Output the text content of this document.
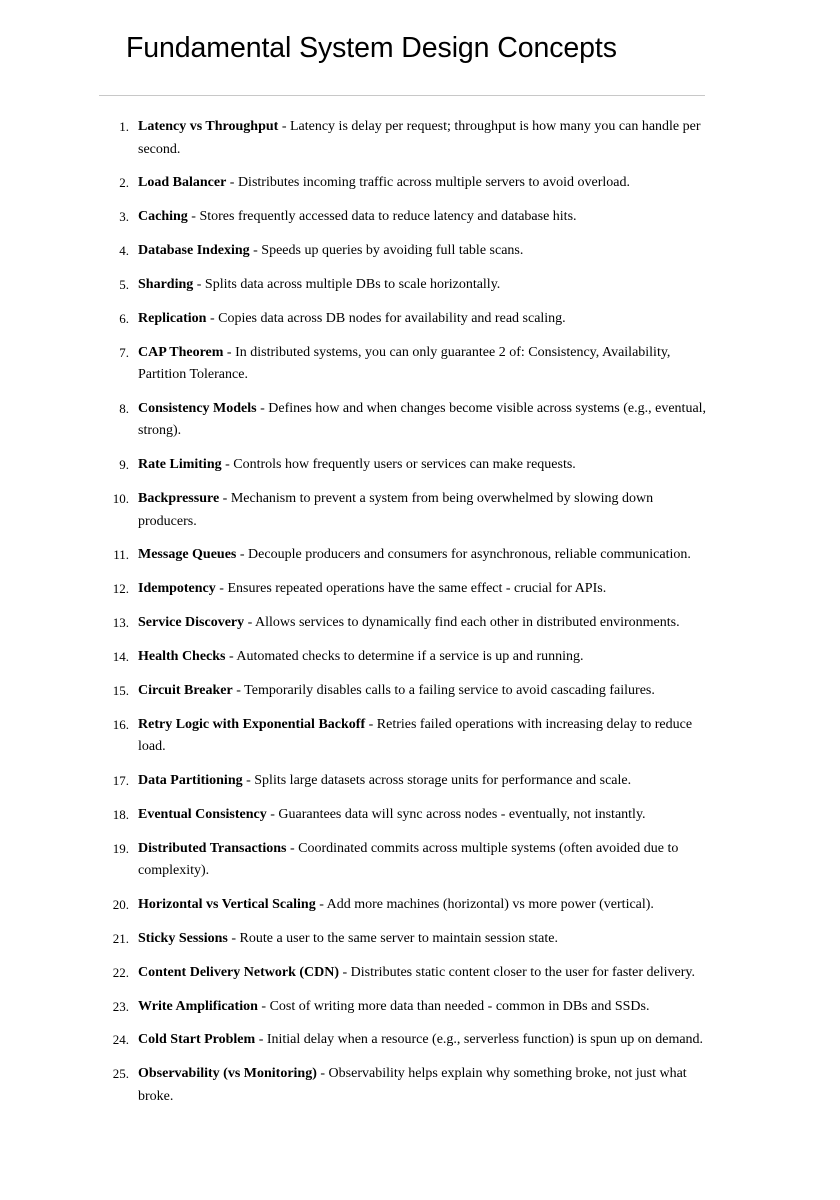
Fundamental System Design Concepts
1. Latency vs Throughput - Latency is delay per request; throughput is how many you can handle per second.
2. Load Balancer - Distributes incoming traffic across multiple servers to avoid overload.
3. Caching - Stores frequently accessed data to reduce latency and database hits.
4. Database Indexing - Speeds up queries by avoiding full table scans.
5. Sharding - Splits data across multiple DBs to scale horizontally.
6. Replication - Copies data across DB nodes for availability and read scaling.
7. CAP Theorem - In distributed systems, you can only guarantee 2 of: Consistency, Availability, Partition Tolerance.
8. Consistency Models - Defines how and when changes become visible across systems (e.g., eventual, strong).
9. Rate Limiting - Controls how frequently users or services can make requests.
10. Backpressure - Mechanism to prevent a system from being overwhelmed by slowing down producers.
11. Message Queues - Decouple producers and consumers for asynchronous, reliable communication.
12. Idempotency - Ensures repeated operations have the same effect - crucial for APIs.
13. Service Discovery - Allows services to dynamically find each other in distributed environments.
14. Health Checks - Automated checks to determine if a service is up and running.
15. Circuit Breaker - Temporarily disables calls to a failing service to avoid cascading failures.
16. Retry Logic with Exponential Backoff - Retries failed operations with increasing delay to reduce load.
17. Data Partitioning - Splits large datasets across storage units for performance and scale.
18. Eventual Consistency - Guarantees data will sync across nodes - eventually, not instantly.
19. Distributed Transactions - Coordinated commits across multiple systems (often avoided due to complexity).
20. Horizontal vs Vertical Scaling - Add more machines (horizontal) vs more power (vertical).
21. Sticky Sessions - Route a user to the same server to maintain session state.
22. Content Delivery Network (CDN) - Distributes static content closer to the user for faster delivery.
23. Write Amplification - Cost of writing more data than needed - common in DBs and SSDs.
24. Cold Start Problem - Initial delay when a resource (e.g., serverless function) is spun up on demand.
25. Observability (vs Monitoring) - Observability helps explain why something broke, not just what broke.
